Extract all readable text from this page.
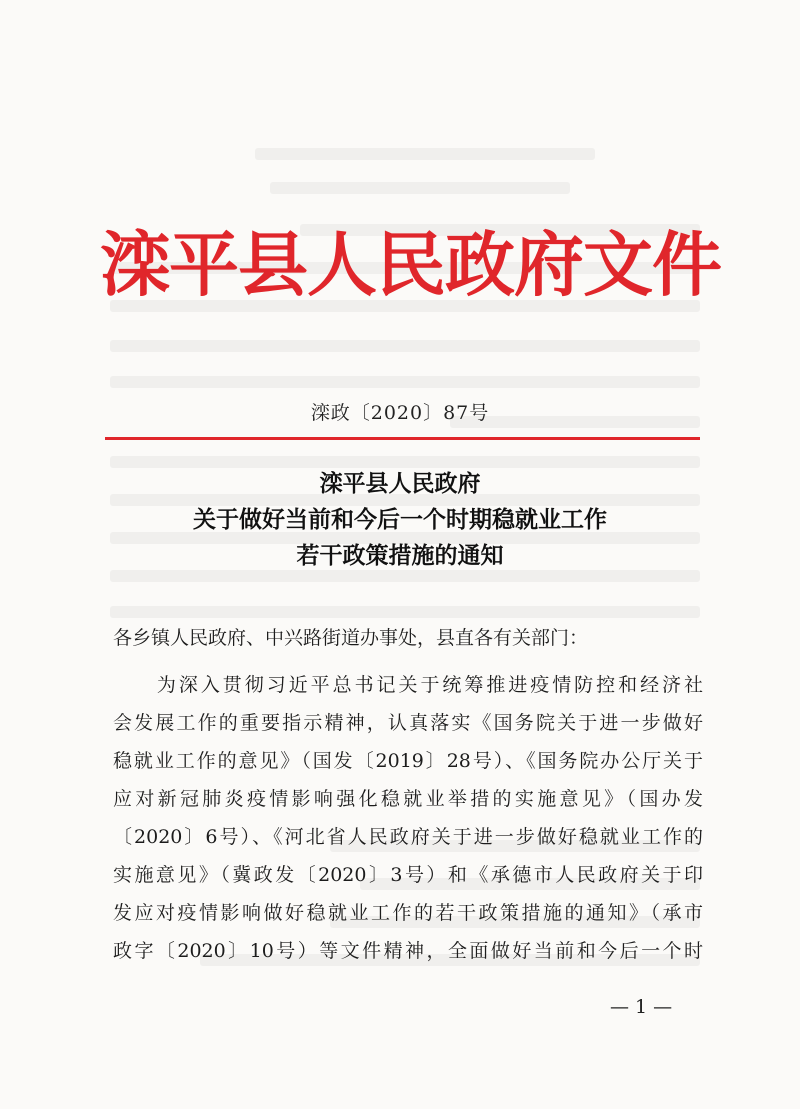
滦平县人民政府文件
滦政〔2020〕87号
滦平县人民政府
关于做好当前和今后一个时期稳就业工作
若干政策措施的通知
各乡镇人民政府、中兴路街道办事处，县直各有关部门：
　　为深入贯彻习近平总书记关于统筹推进疫情防控和经济社
会发展工作的重要指示精神，认真落实《国务院关于进一步做好
稳就业工作的意见》（国发〔2019〕28号）、《国务院办公厅关于
应对新冠肺炎疫情影响强化稳就业举措的实施意见》（国办发
〔2020〕6号）、《河北省人民政府关于进一步做好稳就业工作的
实施意见》（冀政发〔2020〕3号）和《承德市人民政府关于印
发应对疫情影响做好稳就业工作的若干政策措施的通知》（承市
政字〔2020〕10号）等文件精神，全面做好当前和今后一个时
— 1 —
